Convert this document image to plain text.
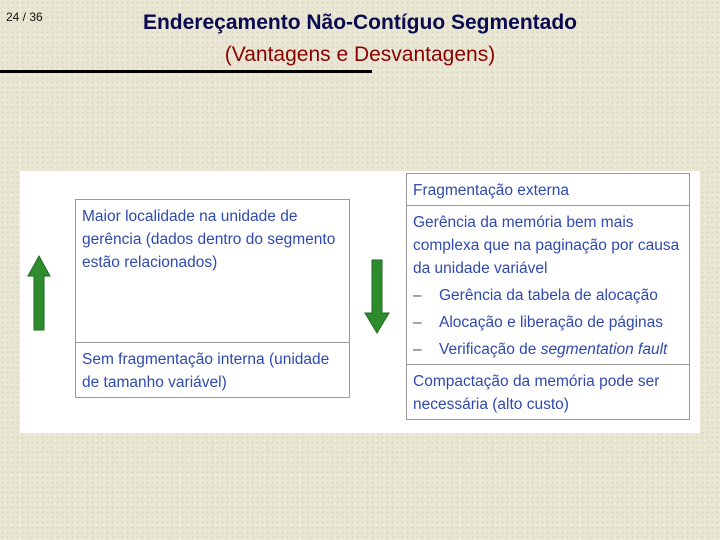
24 / 36	Endereçamento Não-Contíguo Segmentado
(Vantagens e Desvantagens)
Maior localidade na unidade de gerência (dados dentro do segmento estão relacionados)
Sem fragmentação interna (unidade de tamanho variável)
Fragmentação externa

Gerência da memória bem mais complexa que na paginação por causa da unidade variável
–	Gerência da tabela de alocação
–	Alocação e liberação de páginas
–	Verificação de segmentation fault

Compactação da memória pode ser necessária (alto custo)
